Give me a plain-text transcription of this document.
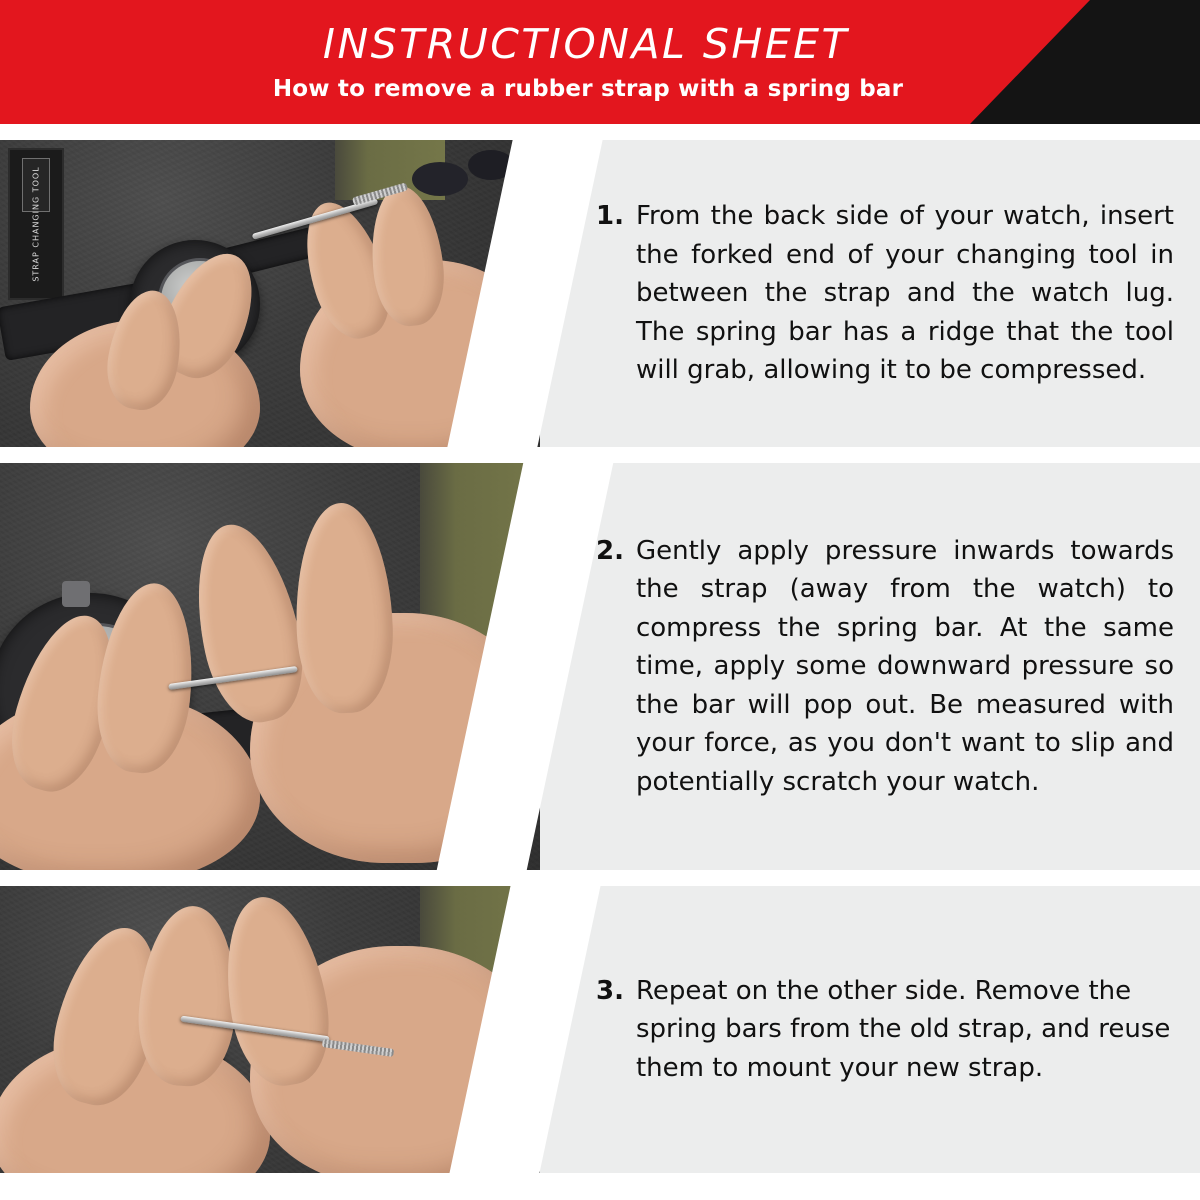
INSTRUCTIONAL SHEET
How to remove a rubber strap with a spring bar
STRAP CHANGING TOOL	1. From the back side of your watch, insert the forked end of your changing tool in between the strap and the watch lug. The spring bar has a ridge that the tool will grab, allowing it to be compressed.
2. Gently apply pressure inwards towards the strap (away from the watch) to compress the spring bar. At the same time, apply some downward pressure so the bar will pop out. Be measured with your force, as you don't want to slip and potentially scratch your watch.
3. Repeat on the other side. Remove the spring bars from the old strap, and reuse them to mount your new strap.
